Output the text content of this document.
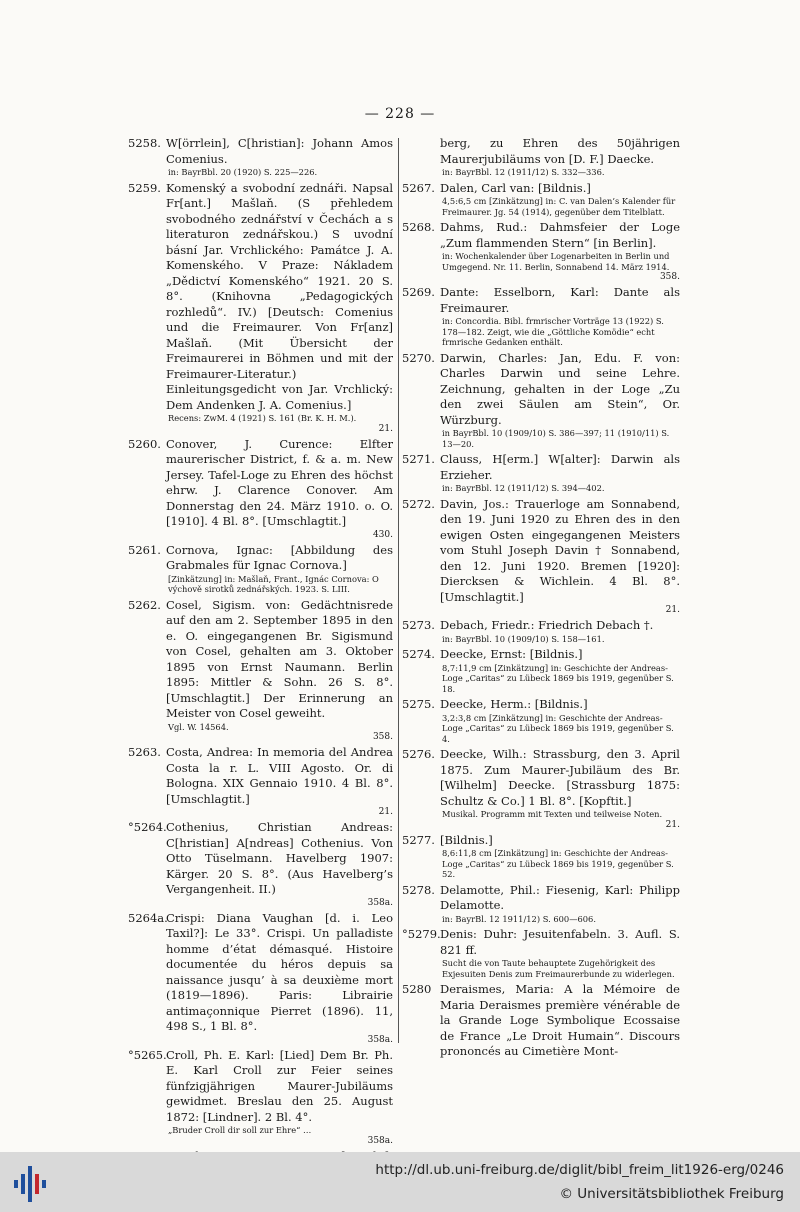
— 228 —
5258. W[örrlein], C[hristian]: Johann Amos Comenius.
in: BayrBbl. 20 (1920) S. 225—226.
5259. Komenský a svobodní zednáři. Napsal Fr[ant.] Mašlaň. (S přehledem svobodného zednářství v Čechách a s literaturon zednářskou.) S uvodní básní Jar. Vrchlického: Památce J. A. Komenského. V Praze: Nákladem „Dědictví Komenského“ 1921. 20 S. 8°. (Knihovna „Pedagogických rozhledů“. IV.) [Deutsch: Comenius und die Freimaurer. Von Fr[anz] Mašlaň. (Mit Übersicht der Freimaurerei in Böhmen und mit der Freimaurer-Literatur.) Einleitungsgedicht von Jar. Vrchlický: Dem Andenken J. A. Comenius.]
Recens: ZwM. 4 (1921) S. 161 (Br. K. H. M.).
21.
5260. Conover, J. Curence: Elfter maurerischer District, f. & a. m. New Jersey. Tafel-Loge zu Ehren des höchst ehrw. J. Clarence Conover. Am Donnerstag den 24. März 1910. o. O. [1910]. 4 Bl. 8°. [Umschlagtit.]
430.
5261. Cornova, Ignac: [Abbildung des Grabmales für Ignac Cornova.]
[Zinkätzung] in: Mašlaň, Frant., Ignác Cornova: O výchově sirotků zednářských. 1923. S. LIII.
5262. Cosel, Sigism. von: Gedächtnisrede auf den am 2. September 1895 in den e. O. eingegangenen Br. Sigismund von Cosel, gehalten am 3. Oktober 1895 von Ernst Naumann. Berlin 1895: Mittler & Sohn. 26 S. 8°. [Umschlagtit.] Der Erinnerung an Meister von Cosel geweiht.
Vgl. W. 14564.
358.
5263. Costa, Andrea: In memoria del Andrea Costa la r. L. VIII Agosto. Or. di Bologna. XIX Gennaio 1910. 4 Bl. 8°. [Umschlagtit.]
21.
°5264. Cothenius, Christian Andreas: C[hristian] A[ndreas] Cothenius. Von Otto Tüselmann. Havelberg 1907: Kärger. 20 S. 8°. (Aus Havelberg’s Vergangenheit. II.)
358a.
5264a.
Crispi: Diana Vaughan [d. i. Leo Taxil?]: Le 33°. Crispi. Un palladiste homme d’état démasqué. Histoire documentée du héros depuis sa naissance jusqu’ à sa deuxième mort (1819—1896). Paris: Librairie antimaçonnique Pierret (1896). 11, 498 S., 1 Bl. 8°.
358a.
°5265. Croll, Ph. E. Karl: [Lied] Dem Br. Ph. E. Karl Croll zur Feier seines fünfzigjährigen Maurer-Jubiläums gewidmet. Breslau den 25. August 1872: [Lindner]. 2 Bl. 4°.
„Bruder Croll dir soll zur Ehre“ …
358a.
berg, zu Ehren des 50jährigen Maurerjubiläums von [D. F.] Daecke.
in: BayrBbl. 12 (1911/12) S. 332—336.
5267. Dalen, Carl van: [Bildnis.]
4,5:6,5 cm [Zinkätzung] in: C. van Dalen’s Kalender für Freimaurer. Jg. 54 (1914), gegenüber dem Titelblatt.
5268. Dahms, Rud.: Dahmsfeier der Loge „Zum flammenden Stern“ [in Berlin].
in: Wochenkalender über Logenarbeiten in Berlin und Umgegend. Nr. 11. Berlin, Sonnabend 14. März 1914.
358.
5269. Dante: Esselborn, Karl: Dante als Freimaurer.
in: Concordia. Bibl. frmrischer Vorträge 13 (1922) S. 178—182. Zeigt, wie die „Göttliche Komödie“ echt frmrische Gedanken enthält.
5270. Darwin, Charles: Jan, Edu. F. von: Charles Darwin und seine Lehre. Zeichnung, gehalten in der Loge „Zu den zwei Säulen am Stein“, Or. Würzburg.
in BayrBbl. 10 (1909/10) S. 386—397; 11 (1910/11) S. 13—20.
5271. Clauss, H[erm.] W[alter]: Darwin als Erzieher.
in: BayrBbl. 12 (1911/12) S. 394—402.
5272. Davin, Jos.: Trauerloge am Sonnabend, den 19. Juni 1920 zu Ehren des in den ewigen Osten eingegangenen Meisters vom Stuhl Joseph Davin † Sonnabend, den 12. Juni 1920. Bremen [1920]: Diercksen & Wichlein. 4 Bl. 8°. [Umschlagtit.]
21.
5273. Debach, Friedr.: Friedrich Debach †.
in: BayrBbl. 10 (1909/10) S. 158—161.
5274. Deecke, Ernst: [Bildnis.]
8,7:11,9 cm [Zinkätzung] in: Geschichte der Andreas-Loge „Caritas“ zu Lübeck 1869 bis 1919, gegenüber S. 18.
5275. Deecke, Herm.: [Bildnis.]
3,2:3,8 cm [Zinkätzung] in: Geschichte der Andreas-Loge „Caritas“ zu Lübeck 1869 bis 1919, gegenüber S. 4.
5276. Deecke, Wilh.: Strassburg, den 3. April 1875. Zum Maurer-Jubiläum des Br. [Wilhelm] Deecke. [Strassburg 1875: Schultz & Co.] 1 Bl. 8°. [Kopftit.]
Musikal. Programm mit Texten und teilweise Noten.
21.
5277. [Bildnis.]
8,6:11,8 cm [Zinkätzung] in: Geschichte der Andreas-Loge „Caritas“ zu Lübeck 1869 bis 1919, gegenüber S. 52.
5278. Delamotte, Phil.: Fiesenig, Karl: Philipp Delamotte.
in: BayrBl. 12 1911/12) S. 600—606.
°5279. Denis: Duhr: Jesuitenfabeln. 3. Aufl. S. 821 ff.
Sucht die von Taute behauptete Zugehörigkeit des Exjesuiten Denis zum Freimaurerbunde zu widerlegen.
5280 Deraismes, Maria: A la Mémoire de Maria Deraismes première vénérable de la Grande Loge Symbolique Ecossaise de France „Le Droit Humain“. Discours prononcés au Cimetière Mont-
http://dl.ub.uni-freiburg.de/diglit/bibl_freim_lit1926-erg/0246
© Universitätsbibliothek Freiburg
